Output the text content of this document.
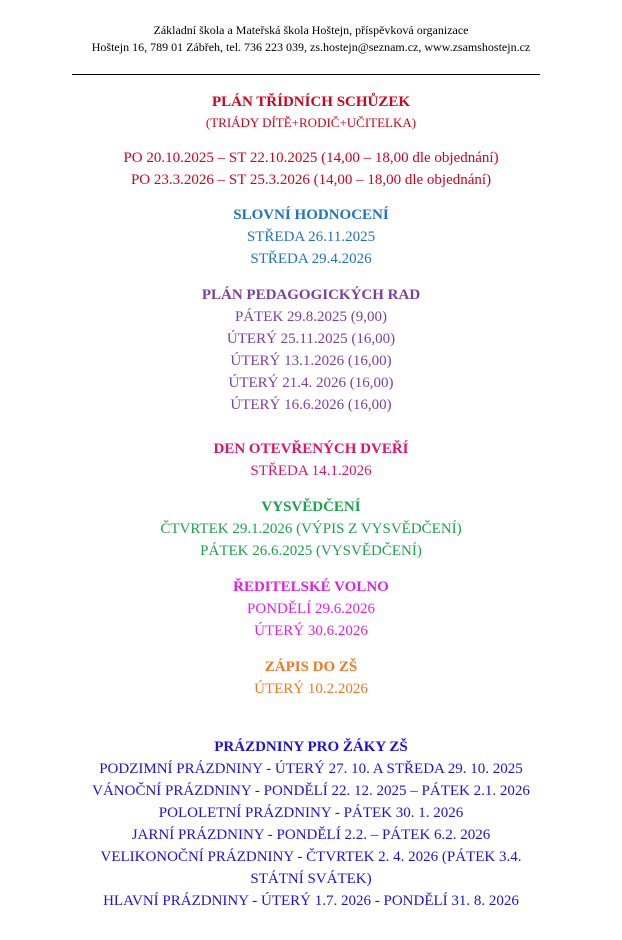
Základní škola a Mateřská škola Hoštejn, příspěvková organizace
Hoštejn 16, 789 01 Zábřeh, tel. 736 223 039, zs.hostejn@seznam.cz, www.zsamshostejn.cz
PLÁN TŘÍDNÍCH SCHŮZEK
(TRIÁDY DÍTĚ+RODIČ+UČITELKA)
PO 20.10.2025 – ST 22.10.2025 (14,00 – 18,00 dle objednání)
PO 23.3.2026 – ST 25.3.2026 (14,00 – 18,00 dle objednání)
SLOVNÍ HODNOCENÍ
STŘEDA 26.11.2025
STŘEDA 29.4.2026
PLÁN PEDAGOGICKÝCH RAD
PÁTEK 29.8.2025 (9,00)
ÚTERÝ 25.11.2025 (16,00)
ÚTERÝ 13.1.2026 (16,00)
ÚTERÝ 21.4. 2026 (16,00)
ÚTERÝ 16.6.2026 (16,00)
DEN OTEVŘENÝCH DVEŘÍ
STŘEDA 14.1.2026
VYSVĚDČENÍ
ČTVRTEK 29.1.2026 (VÝPIS Z VYSVĚDČENÍ)
PÁTEK 26.6.2025 (VYSVĚDČENÍ)
ŘEDITELSKÉ VOLNO
PONDĚLÍ 29.6.2026
ÚTERÝ 30.6.2026
ZÁPIS DO ZŠ
ÚTERÝ 10.2.2026
PRÁZDNINY PRO ŽÁKY ZŠ
PODZIMNÍ PRÁZDNINY - ÚTERÝ 27. 10. A STŘEDA 29. 10. 2025
VÁNOČNÍ PRÁZDNINY - PONDĚLÍ 22. 12. 2025 – PÁTEK 2.1. 2026
POLOLETNÍ PRÁZDNINY - PÁTEK 30. 1. 2026
JARNÍ PRÁZDNINY - PONDĚLÍ 2.2. – PÁTEK 6.2. 2026
VELIKONOČNÍ PRÁZDNINY - ČTVRTEK 2. 4. 2026 (PÁTEK 3.4.
STÁTNÍ SVÁTEK)
HLAVNÍ PRÁZDNINY - ÚTERÝ 1.7. 2026 - PONDĚLÍ 31. 8. 2026
